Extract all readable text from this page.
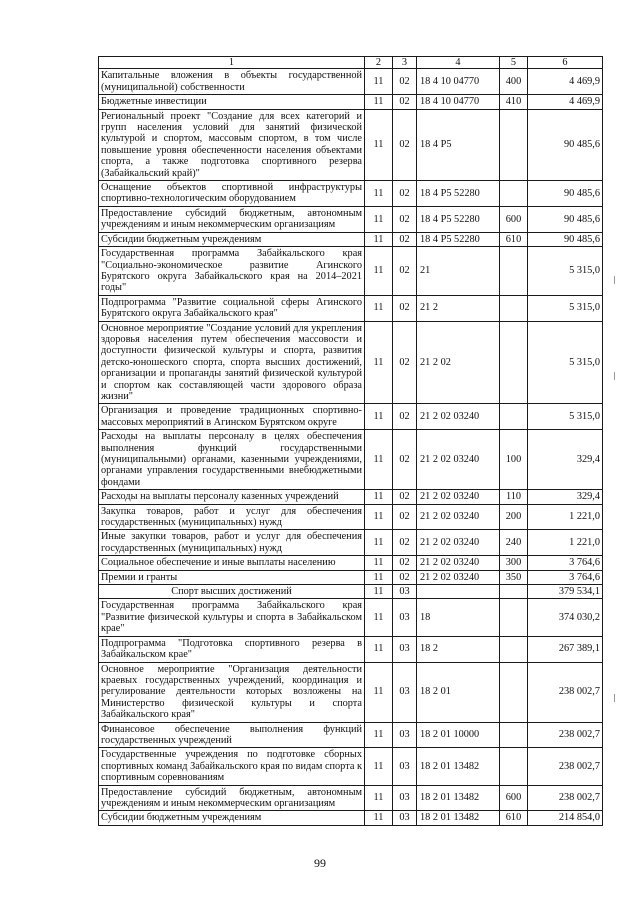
1	2	3	4	5	6
Капитальные вложения в объекты государственной (муниципальной) собственности	11	02	18 4 10 04770	400	4 469,9
Бюджетные инвестиции	11	02	18 4 10 04770	410	4 469,9
Региональный проект "Создание для всех категорий и групп населения условий для занятий физической культурой и спортом, массовым спортом, в том числе повышение уровня обеспеченности населения объектами спорта, а также подготовка спортивного резерва (Забайкальский край)"	11	02	18 4 P5		90 485,6
Оснащение объектов спортивной инфраструктуры спортивно-технологическим оборудованием	11	02	18 4 P5 52280		90 485,6
Предоставление субсидий бюджетным, автономным учреждениям и иным некоммерческим организациям	11	02	18 4 P5 52280	600	90 485,6
Субсидии бюджетным учреждениям	11	02	18 4 P5 52280	610	90 485,6
Государственная программа Забайкальского края "Социально-экономическое развитие Агинского Бурятского округа Забайкальского края на 2014–2021 годы"	11	02	21		5 315,0
Подпрограмма "Развитие социальной сферы Агинского Бурятского округа Забайкальского края"	11	02	21 2		5 315,0
Основное мероприятие "Создание условий для укрепления здоровья населения путем обеспечения массовости и доступности физической культуры и спорта, развития детско-юношеского спорта, спорта высших достижений, организации и пропаганды занятий физической культурой и спортом как составляющей части здорового образа жизни"	11	02	21 2 02		5 315,0
Организация и проведение традиционных спортивно-массовых мероприятий в Агинском Бурятском округе	11	02	21 2 02 03240		5 315,0
Расходы на выплаты персоналу в целях обеспечения выполнения функций государственными (муниципальными) органами, казенными учреждениями, органами управления государственными внебюджетными фондами	11	02	21 2 02 03240	100	329,4
Расходы на выплаты персоналу казенных учреждений	11	02	21 2 02 03240	110	329,4
Закупка товаров, работ и услуг для обеспечения государственных (муниципальных) нужд	11	02	21 2 02 03240	200	1 221,0
Иные закупки товаров, работ и услуг для обеспечения государственных (муниципальных) нужд	11	02	21 2 02 03240	240	1 221,0
Социальное обеспечение и иные выплаты населению	11	02	21 2 02 03240	300	3 764,6
Премии и гранты	11	02	21 2 02 03240	350	3 764,6
Спорт высших достижений	11	03			379 534,1
Государственная программа Забайкальского края "Развитие физической культуры и спорта в Забайкальском крае"	11	03	18		374 030,2
Подпрограмма "Подготовка спортивного резерва в Забайкальском крае"	11	03	18 2		267 389,1
Основное мероприятие "Организация деятельности краевых государственных учреждений, координация и регулирование деятельности которых возложены на Министерство физической культуры и спорта Забайкальского края"	11	03	18 2 01		238 002,7
Финансовое обеспечение выполнения функций государственных учреждений	11	03	18 2 01 10000		238 002,7
Государственные учреждения по подготовке сборных спортивных команд Забайкальского края по видам спорта к спортивным соревнованиям	11	03	18 2 01 13482		238 002,7
Предоставление субсидий бюджетным, автономным учреждениям и иным некоммерческим организациям	11	03	18 2 01 13482	600	238 002,7
Субсидии бюджетным учреждениям	11	03	18 2 01 13482	610	214 854,0
99
